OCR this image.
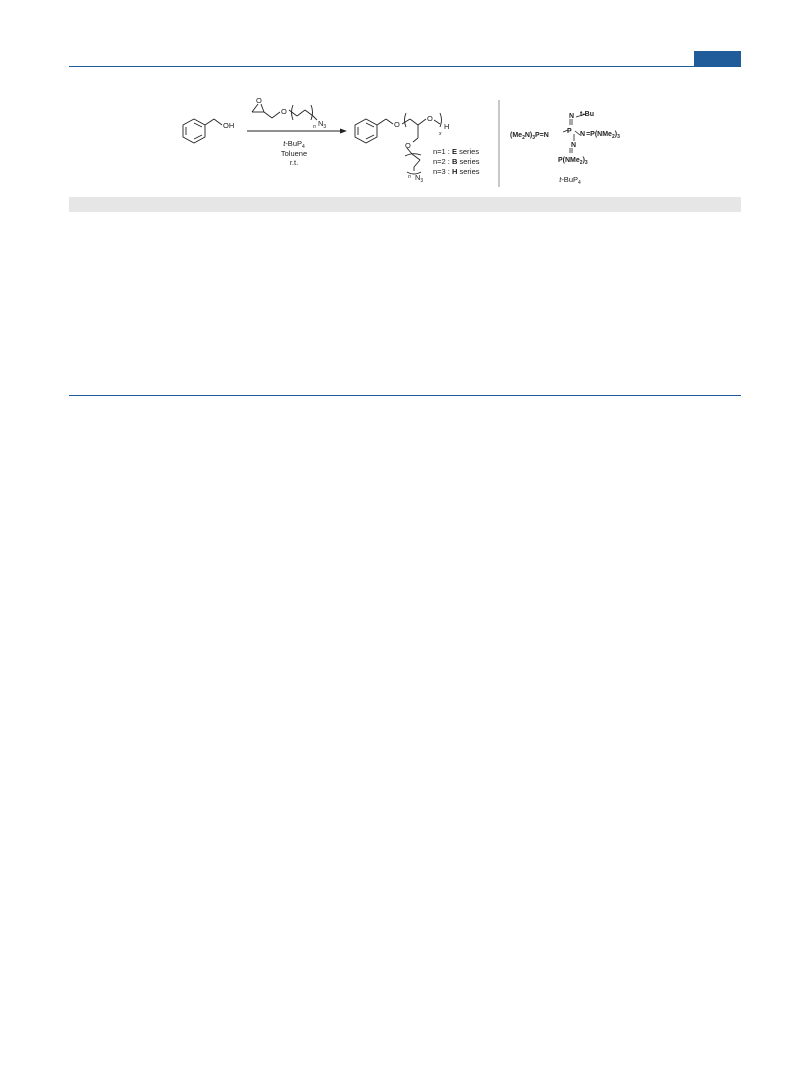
OH
O
O
n $N_3$
t-BuP$_4$
Toluene
r.t.
O
O
H
x
O
n $N_3$
n=1 : E series
n=2 : B series
n=3 : H series
N t-Bu
P
$(Me_2N)_3P=N$	$N=P(NMe_2)_3$
N
$P(NMe_2)_3$
t-BuP$_4$
